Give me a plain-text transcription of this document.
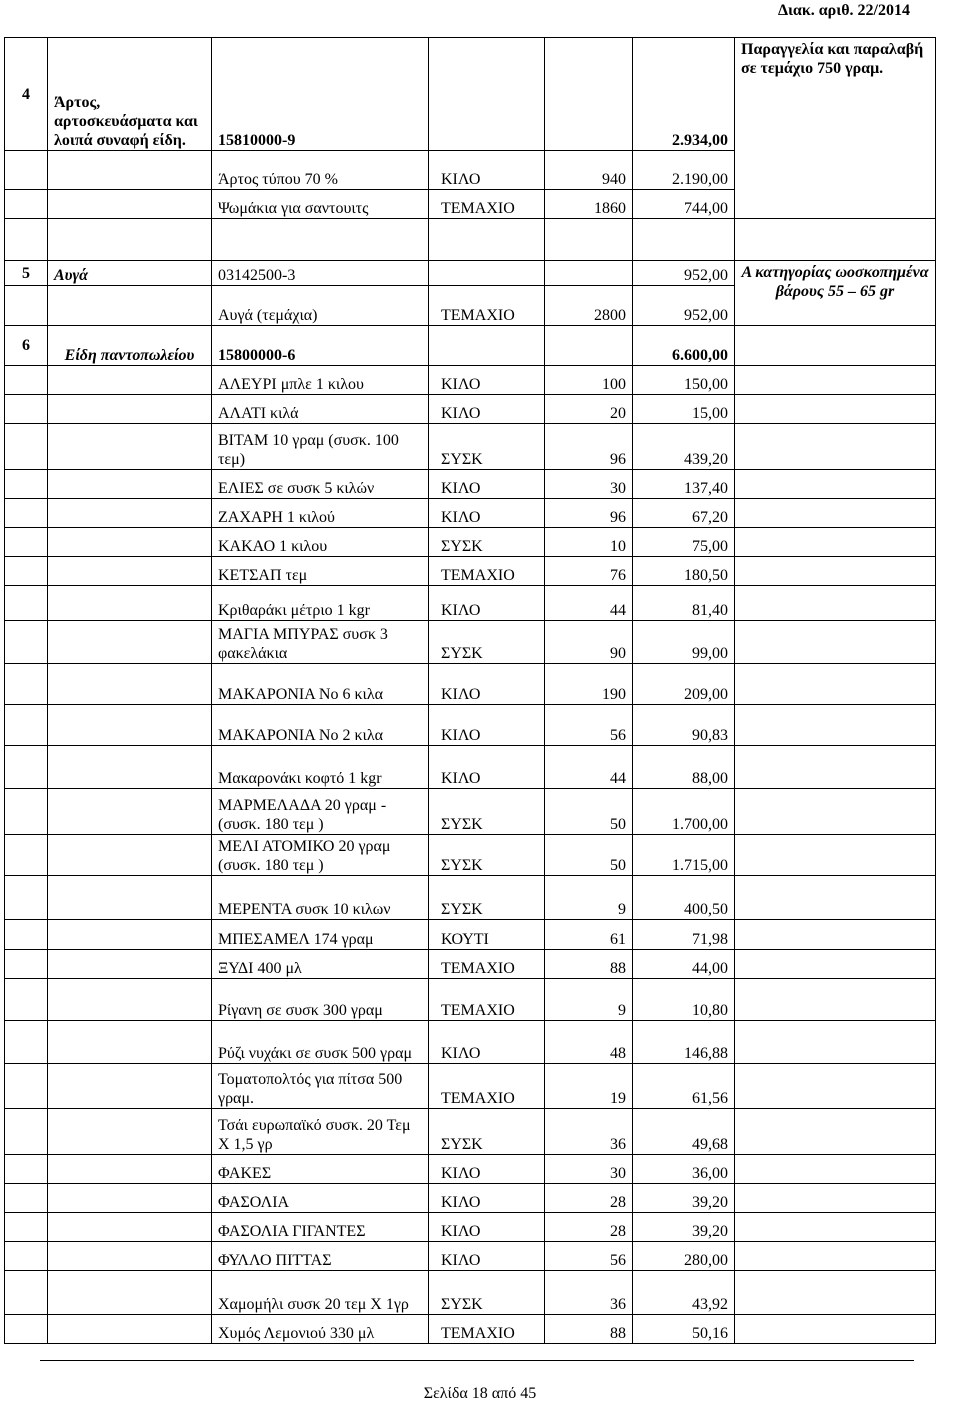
Διακ. αριθ. 22/2014
4	Άρτος, αρτοσκευάσματα και λοιπά συναφή είδη.	15810000-9			2.934,00	Παραγγελία και παραλαβή σε τεμάχιο 750 γραμ.
		Άρτος τύπου 70 %	ΚΙΛΟ	940	2.190,00	
		Ψωμάκια για σαντουιτς	ΤΕΜΑΧΙΟ	1860	744,00	

5	Αυγά	03142500-3			952,00	Α κατηγορίας ωοσκοπημένα βάρους 55 – 65 gr
		Αυγά (τεμάχια)	ΤΕΜΑΧΙΟ	2800	952,00	
6	Είδη παντοπωλείου	15800000-6			6.600,00	
		ΑΛΕΥΡΙ μπλε 1 κιλου	ΚΙΛΟ	100	150,00	
		ΑΛΑΤΙ κιλά	ΚΙΛΟ	20	15,00	
		ΒΙΤΑΜ 10 γραμ (συσκ. 100 τεμ)	ΣΥΣΚ	96	439,20	
		ΕΛΙΕΣ σε συσκ 5 κιλών	ΚΙΛΟ	30	137,40	
		ΖΑΧΑΡΗ 1 κιλού	ΚΙΛΟ	96	67,20	
		ΚΑΚΑΟ 1 κιλου	ΣΥΣΚ	10	75,00	
		ΚΕΤΣΑΠ τεμ	ΤΕΜΑΧΙΟ	76	180,50	
		Κριθαράκι μέτριο 1 kgr	ΚΙΛΟ	44	81,40	
		ΜΑΓΙΑ ΜΠΥΡΑΣ συσκ 3 φακελάκια	ΣΥΣΚ	90	99,00	
		ΜΑΚΑΡΟΝΙΑ Νο 6 κιλα	ΚΙΛΟ	190	209,00	
		ΜΑΚΑΡΟΝΙΑ Νο 2 κιλα	ΚΙΛΟ	56	90,83	
		Μακαρονάκι κοφτό 1 kgr	ΚΙΛΟ	44	88,00	
		ΜΑΡΜΕΛΑΔΑ 20 γραμ - (συσκ. 180 τεμ )	ΣΥΣΚ	50	1.700,00	
		ΜΕΛΙ ΑΤΟΜΙΚΟ 20 γραμ (συσκ. 180 τεμ )	ΣΥΣΚ	50	1.715,00	
		ΜΕΡΕΝΤΑ συσκ 10 κιλων	ΣΥΣΚ	9	400,50	
		ΜΠΕΣΑΜΕΛ 174 γραμ	ΚΟΥΤΙ	61	71,98	
		ΞΥΔΙ 400 μλ	ΤΕΜΑΧΙΟ	88	44,00	
		Ρίγανη σε συσκ 300 γραμ	ΤΕΜΑΧΙΟ	9	10,80	
		Ρύζι νυχάκι σε συσκ 500 γραμ	ΚΙΛΟ	48	146,88	
		Τοματοπολτός για πίτσα 500 γραμ.	ΤΕΜΑΧΙΟ	19	61,56	
		Τσάι ευρωπαϊκό συσκ. 20 Τεμ Χ 1,5 γρ	ΣΥΣΚ	36	49,68	
		ΦΑΚΕΣ	ΚΙΛΟ	30	36,00	
		ΦΑΣΟΛΙΑ	ΚΙΛΟ	28	39,20	
		ΦΑΣΟΛΙΑ ΓΙΓΑΝΤΕΣ	ΚΙΛΟ	28	39,20	
		ΦΥΛΛΟ ΠΙΤΤΑΣ	ΚΙΛΟ	56	280,00	
		Χαμομήλι συσκ 20 τεμ Χ 1γρ	ΣΥΣΚ	36	43,92	
		Χυμός Λεμονιού 330 μλ	ΤΕΜΑΧΙΟ	88	50,16	
Σελίδα 18 από 45
